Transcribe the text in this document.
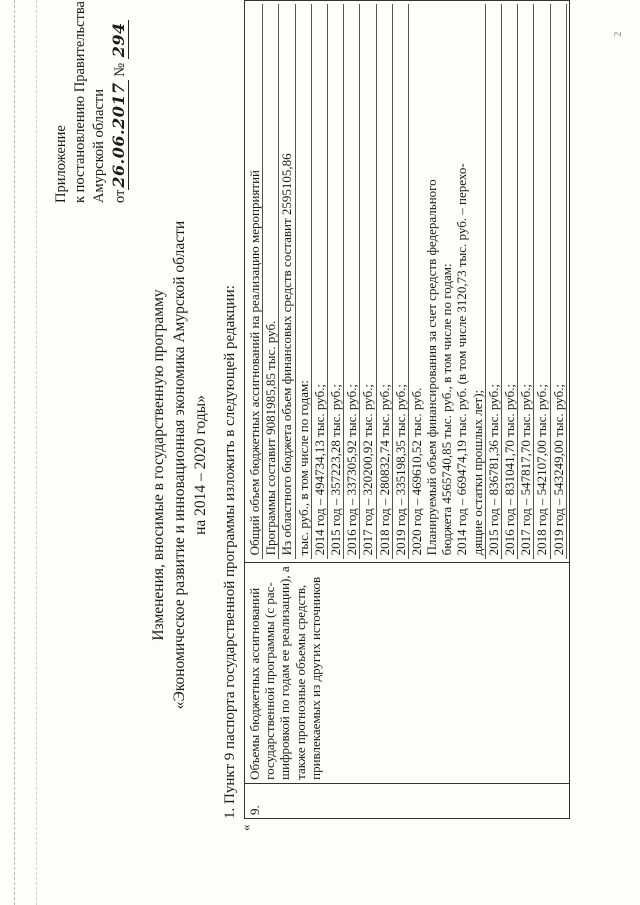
Приложение к постановлению Правительства Амурской области от26.06.2017 № 294
Изменения, вносимые в государственную программу «Экономическое развитие и инновационная экономика Амурской области на 2014 – 2020 годы» 1. Пункт 9 паспорта государственной программы изложить в следующей редакции:
«
9.

Объемы бюджетных ассигнований государственной программы (с рас- шифровкой по годам ее реализации), а также прогнозные объемы средств, привлекаемых из других источников

Общий объем бюджетных ассигнований на реализацию мероприятий Программы составит 9081985,85 тыс. руб. Из областного бюджета объем финансовых средств составит 2595105,86 тыс. руб., в том числе по годам: 2014 год – 494734,13 тыс. руб.; 2015 год – 357223,28 тыс. руб.; 2016 год – 337305,92 тыс. руб.; 2017 год – 320200,92 тыс. руб.; 2018 год – 280832,74 тыс. руб.; 2019 год – 335198,35 тыс. руб.; 2020 год – 469610,52 тыс. руб. Планируемый объем финансирования за счет средств федерального бюджета 4565740,85 тыс. руб., в том числе по годам: 2014 год – 669474,19 тыс. руб. (в том числе 3120,73 тыс. руб. – перехо- дящие остатки прошлых лет); 2015 год – 836781,36 тыс. руб.; 2016 год – 831041,70 тыс. руб.; 2017 год – 547817,70 тыс. руб.; 2018 год – 542107,00 тыс. руб.; 2019 год – 543249,00 тыс. руб.;
2
